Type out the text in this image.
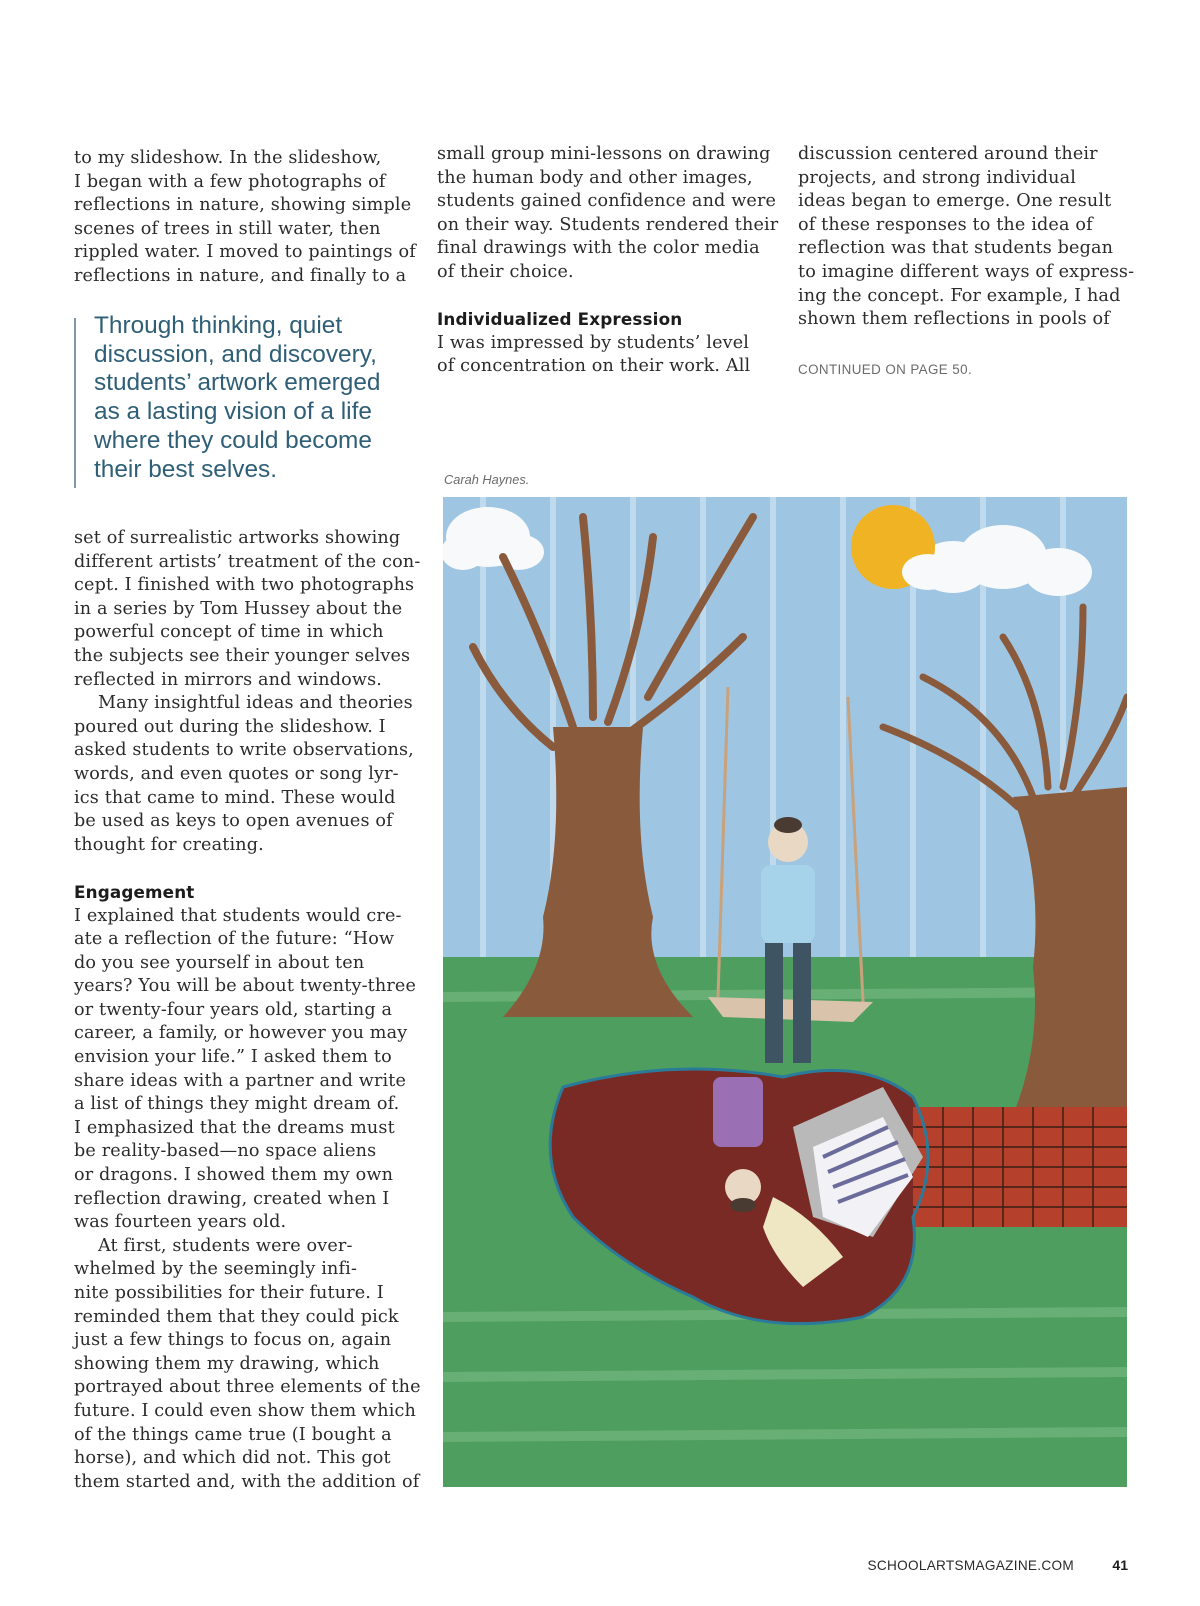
to my slideshow. In the slideshow,
I began with a few photographs of
reflections in nature, showing simple
scenes of trees in still water, then
rippled water. I moved to paintings of
reflections in nature, and finally to a
Through thinking, quiet
discussion, and discovery,
students’ artwork emerged
as a lasting vision of a life
where they could become
their best selves.
set of surrealistic artworks showing
different artists’ treatment of the con-
cept. I finished with two photographs
in a series by Tom Hussey about the
powerful concept of time in which
the subjects see their younger selves
reflected in mirrors and windows.
Many insightful ideas and theories
poured out during the slideshow. I
asked students to write observations,
words, and even quotes or song lyr-
ics that came to mind. These would
be used as keys to open avenues of
thought for creating.
Engagement
I explained that students would cre-
ate a reflection of the future: “How
do you see yourself in about ten
years? You will be about twenty-three
or twenty-four years old, starting a
career, a family, or however you may
envision your life.” I asked them to
share ideas with a partner and write
a list of things they might dream of.
I emphasized that the dreams must
be reality-based—no space aliens
or dragons. I showed them my own
reflection drawing, created when I
was fourteen years old.
At first, students were over-
whelmed by the seemingly infi-
nite possibilities for their future. I
reminded them that they could pick
just a few things to focus on, again
showing them my drawing, which
portrayed about three elements of the
future. I could even show them which
of the things came true (I bought a
horse), and which did not. This got
them started and, with the addition of
small group mini-lessons on drawing
the human body and other images,
students gained confidence and were
on their way. Students rendered their
final drawings with the color media
of their choice.
Individualized Expression
I was impressed by students’ level
of concentration on their work. All
discussion centered around their
projects, and strong individual
ideas began to emerge. One result
of these responses to the idea of
reflection was that students began
to imagine different ways of express-
ing the concept. For example, I had
shown them reflections in pools of
CONTINUED ON PAGE 50.
Carah Haynes.
SCHOOLARTSMAGAZINE.COM	41
